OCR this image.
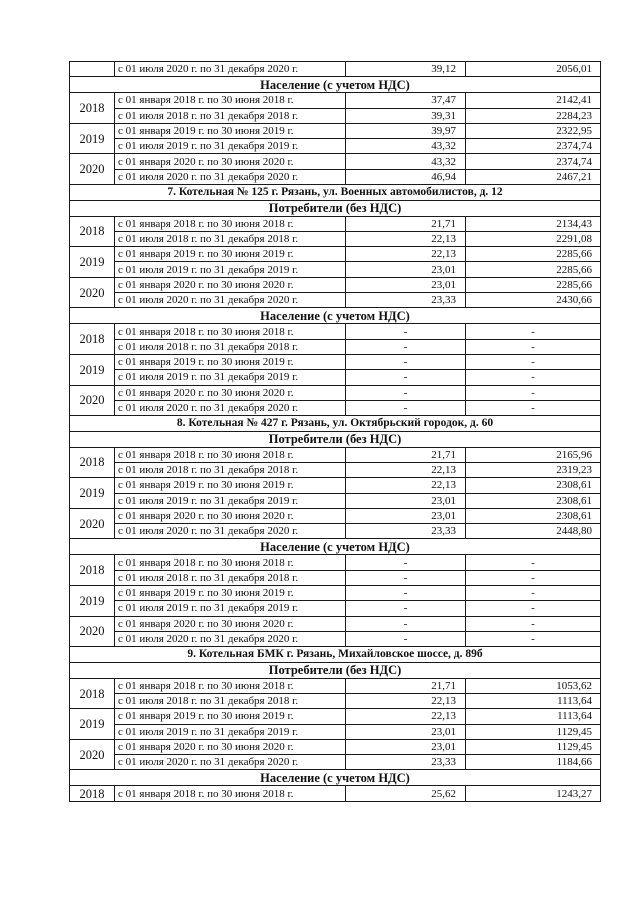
	с 01 июля 2020 г. по 31 декабря 2020 г.	39,12	2056,01
Население (с учетом НДС)			
2018	с 01 января 2018 г. по 30 июня 2018 г.	37,47	2142,41
	с 01 июля 2018 г. по 31 декабря 2018 г.	39,31	2284,23
2019	с 01 января 2019 г. по 30 июня 2019 г.	39,97	2322,95
	с 01 июля 2019 г. по 31 декабря 2019 г.	43,32	2374,74
2020	с 01 января 2020 г. по 30 июня 2020 г.	43,32	2374,74
	с 01 июля 2020 г. по 31 декабря 2020 г.	46,94	2467,21
7. Котельная № 125 г. Рязань, ул. Военных автомобилистов, д. 12			
Потребители (без НДС)			
2018	с 01 января 2018 г. по 30 июня 2018 г.	21,71	2134,43
	с 01 июля 2018 г. по 31 декабря 2018 г.	22,13	2291,08
2019	с 01 января 2019 г. по 30 июня 2019 г.	22,13	2285,66
	с 01 июля 2019 г. по 31 декабря 2019 г.	23,01	2285,66
2020	с 01 января 2020 г. по 30 июня 2020 г.	23,01	2285,66
	с 01 июля 2020 г. по 31 декабря 2020 г.	23,33	2430,66
Население (с учетом НДС)			
2018	с 01 января 2018 г. по 30 июня 2018 г.	-	-
	с 01 июля 2018 г. по 31 декабря 2018 г.	-	-
2019	с 01 января 2019 г. по 30 июня 2019 г.	-	-
	с 01 июля 2019 г. по 31 декабря 2019 г.	-	-
2020	с 01 января 2020 г. по 30 июня 2020 г.	-	-
	с 01 июля 2020 г. по 31 декабря 2020 г.	-	-
8. Котельная № 427 г. Рязань, ул. Октябрьский городок, д. 60			
Потребители (без НДС)			
2018	с 01 января 2018 г. по 30 июня 2018 г.	21,71	2165,96
	с 01 июля 2018 г. по 31 декабря 2018 г.	22,13	2319,23
2019	с 01 января 2019 г. по 30 июня 2019 г.	22,13	2308,61
	с 01 июля 2019 г. по 31 декабря 2019 г.	23,01	2308,61
2020	с 01 января 2020 г. по 30 июня 2020 г.	23,01	2308,61
	с 01 июля 2020 г. по 31 декабря 2020 г.	23,33	2448,80
Население (с учетом НДС)			
2018	с 01 января 2018 г. по 30 июня 2018 г.	-	-
	с 01 июля 2018 г. по 31 декабря 2018 г.	-	-
2019	с 01 января 2019 г. по 30 июня 2019 г.	-	-
	с 01 июля 2019 г. по 31 декабря 2019 г.	-	-
2020	с 01 января 2020 г. по 30 июня 2020 г.	-	-
	с 01 июля 2020 г. по 31 декабря 2020 г.	-	-
9. Котельная БМК г. Рязань, Михайловское шоссе, д. 89б			
Потребители (без НДС)			
2018	с 01 января 2018 г. по 30 июня 2018 г.	21,71	1053,62
	с 01 июля 2018 г. по 31 декабря 2018 г.	22,13	1113,64
2019	с 01 января 2019 г. по 30 июня 2019 г.	22,13	1113,64
	с 01 июля 2019 г. по 31 декабря 2019 г.	23,01	1129,45
2020	с 01 января 2020 г. по 30 июня 2020 г.	23,01	1129,45
	с 01 июля 2020 г. по 31 декабря 2020 г.	23,33	1184,66
Население (с учетом НДС)			
2018	с 01 января 2018 г. по 30 июня 2018 г.	25,62	1243,27
